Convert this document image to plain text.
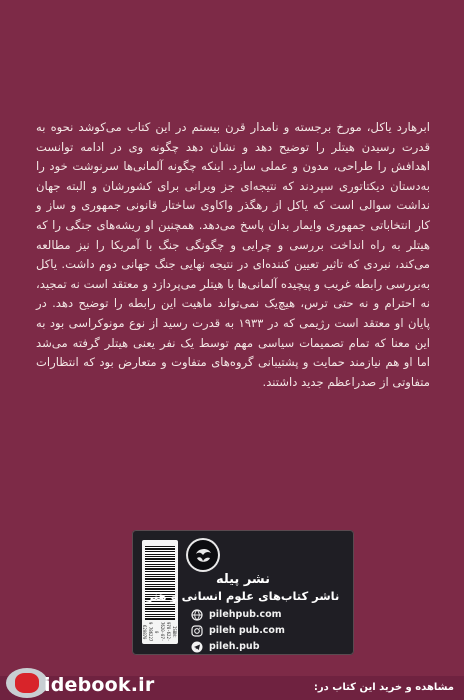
ابرهارد یاکل، مورخ برجسته و نامدار قرن بیستم در این کتاب می‌کوشد نحوه به قدرت رسیدن هیتلر را توضیح دهد و نشان دهد چگونه وی در ادامه توانست اهدافش را طراحی، مدون و عملی سازد. اینکه چگونه آلمانی‌ها سرنوشت خود را به‌دستان دیکتاتوری سپردند که نتیجه‌ای جز ویرانی برای کشورشان و البته جهان نداشت سوالی است که یاکل از رهگذر واکاوی ساختار قانونی جمهوری و ساز و کار انتخاباتی جمهوری وایمار بدان پاسخ می‌دهد. همچنین او ریشه‌های جنگی را که هیتلر به راه انداخت بررسی و چرایی و چگونگی جنگ با آمریکا را نیز مطالعه می‌کند، نبردی که تاثیر تعیین کننده‌ای در نتیجه نهایی جنگ جهانی دوم داشت. یاکل به‌بررسی رابطه غریب و پیچیده آلمانی‌ها با هیتلر می‌پردازد و معتقد است نه تمجید، نه احترام و نه حتی ترس، هیچ‌یک نمی‌تواند ماهیت این رابطه را توضیح دهد. در پایان او معتقد است رژیمی که در ۱۹۳۳ به قدرت رسید از نوع مونوکراسی بود به این معنا که تمام تصمیمات سیاسی مهم توسط یک نفر یعنی هیتلر گرفته می‌شد اما او هم نیازمند حمایت و پشتیبانی گروه‌های متفاوت و متعارض بود که انتظارات متفاوتی از صدراعظم جدید داشتند.

ISBN: 978-622-7620-87-0
9 786227 620870
نشر پیله
ناشر کتاب‌های علوم انسانی و هنر
pilehpub.com
pileh pub.com
pileh.pub
idebook.ir	مشاهده و خرید این کتاب در:
